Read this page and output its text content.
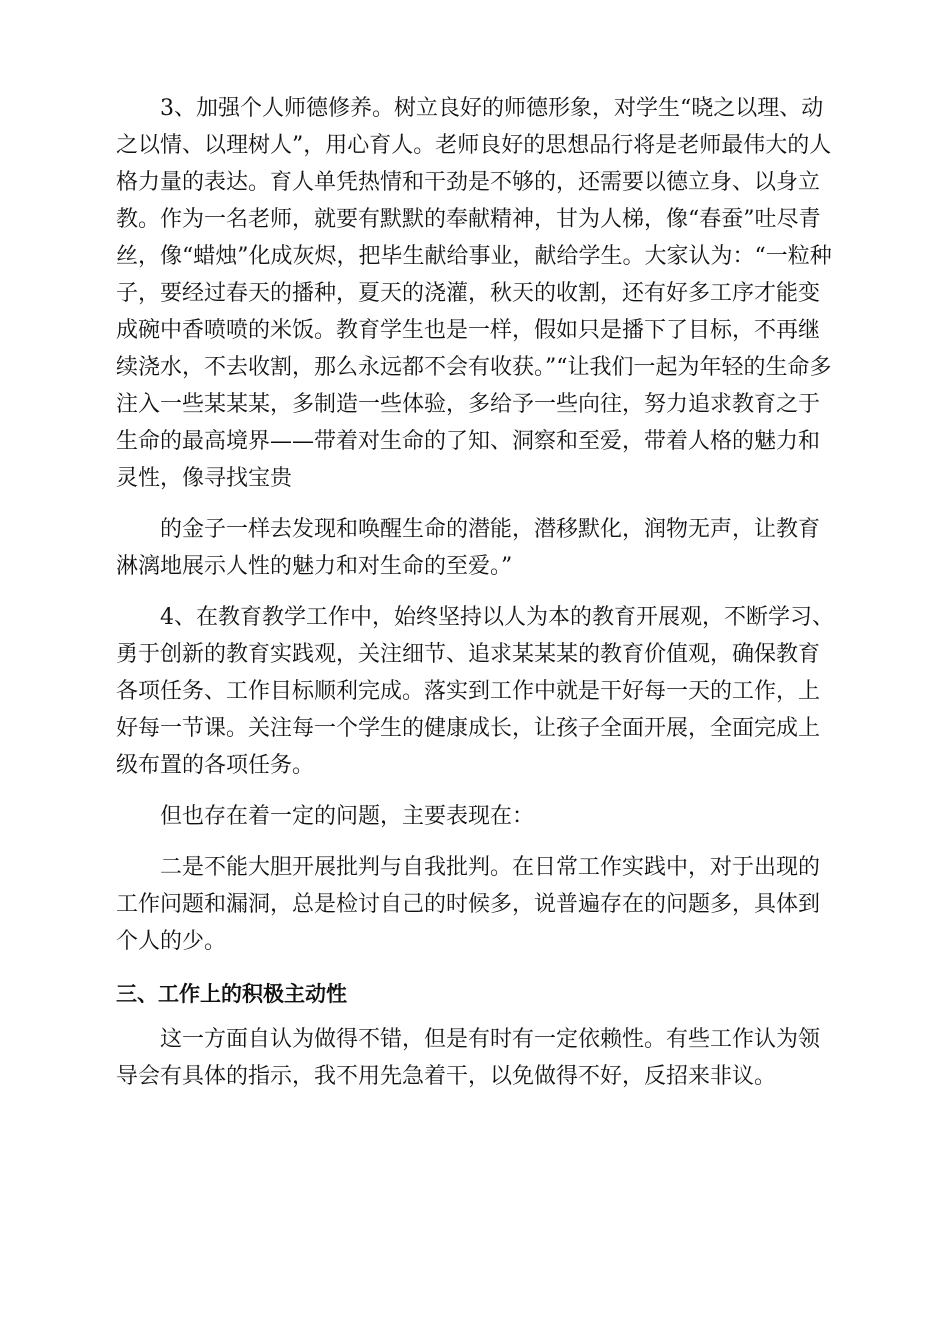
3、加强个人师德修养。树立良好的师德形象，对学生“晓之以理、动之以情、以理树人”，用心育人。老师良好的思想品行将是老师最伟大的人格力量的表达。育人单凭热情和干劲是不够的，还需要以德立身、以身立教。作为一名老师，就要有默默的奉献精神，甘为人梯，像“春蚕”吐尽青丝，像“蜡烛”化成灰烬，把毕生献给事业，献给学生。大家认为：“一粒种子，要经过春天的播种，夏天的浇灌，秋天的收割，还有好多工序才能变成碗中香喷喷的米饭。教育学生也是一样，假如只是播下了目标，不再继续浇水，不去收割，那么永远都不会有收获。”“让我们一起为年轻的生命多注入一些某某某，多制造一些体验，多给予一些向往，努力追求教育之于生命的最高境界——带着对生命的了知、洞察和至爱，带着人格的魅力和灵性，像寻找宝贵

的金子一样去发现和唤醒生命的潜能，潜移默化，润物无声，让教育淋漓地展示人性的魅力和对生命的至爱。”

4、在教育教学工作中，始终坚持以人为本的教育开展观，不断学习、勇于创新的教育实践观，关注细节、追求某某某的教育价值观，确保教育各项任务、工作目标顺利完成。落实到工作中就是干好每一天的工作，上好每一节课。关注每一个学生的健康成长，让孩子全面开展，全面完成上级布置的各项任务。

但也存在着一定的问题，主要表现在：

二是不能大胆开展批判与自我批判。在日常工作实践中，对于出现的工作问题和漏洞，总是检讨自己的时候多，说普遍存在的问题多，具体到个人的少。

三、工作上的积极主动性

这一方面自认为做得不错，但是有时有一定依赖性。有些工作认为领导会有具体的指示，我不用先急着干，以免做得不好，反招来非议。
